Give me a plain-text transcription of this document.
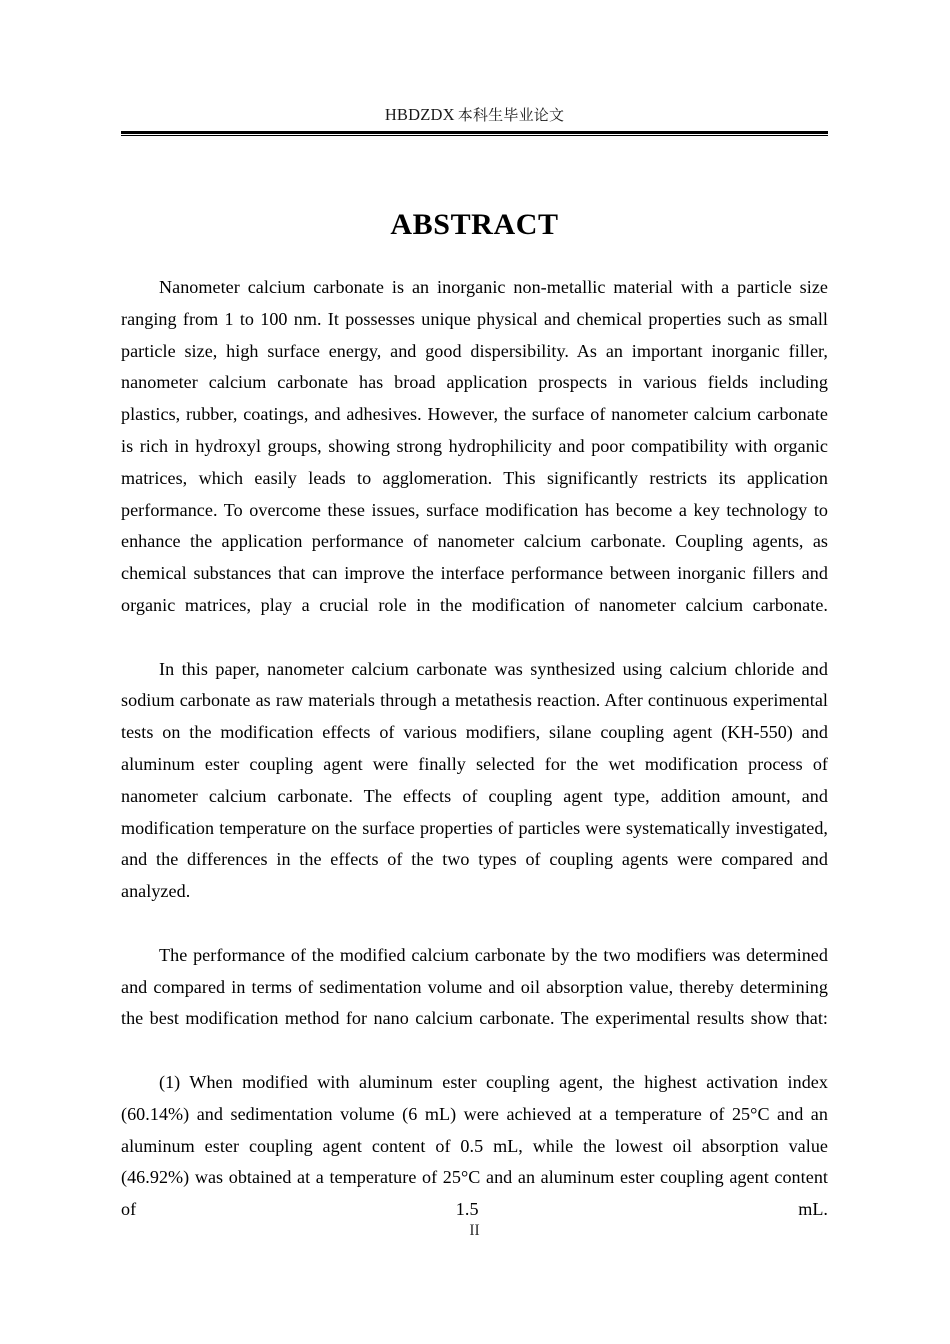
HBDZDX 本科生毕业论文
ABSTRACT

Nanometer calcium carbonate is an inorganic non-metallic material with a particle size ranging from 1 to 100 nm. It possesses unique physical and chemical properties such as small particle size, high surface energy, and good dispersibility. As an important inorganic filler, nanometer calcium carbonate has broad application prospects in various fields including plastics, rubber, coatings, and adhesives. However, the surface of nanometer calcium carbonate is rich in hydroxyl groups, showing strong hydrophilicity and poor compatibility with organic matrices, which easily leads to agglomeration. This significantly restricts its application performance. To overcome these issues, surface modification has become a key technology to enhance the application performance of nanometer calcium carbonate. Coupling agents, as chemical substances that can improve the interface performance between inorganic fillers and organic matrices, play a crucial role in the modification of nanometer calcium carbonate.

In this paper, nanometer calcium carbonate was synthesized using calcium chloride and sodium carbonate as raw materials through a metathesis reaction. After continuous experimental tests on the modification effects of various modifiers, silane coupling agent (KH-550) and aluminum ester coupling agent were finally selected for the wet modification process of nanometer calcium carbonate. The effects of coupling agent type, addition amount, and modification temperature on the surface properties of particles were systematically investigated, and the differences in the effects of the two types of coupling agents were compared and analyzed.

The performance of the modified calcium carbonate by the two modifiers was determined and compared in terms of sedimentation volume and oil absorption value, thereby determining the best modification method for nano calcium carbonate. The experimental results show that:

(1) When modified with aluminum ester coupling agent, the highest activation index (60.14%) and sedimentation volume (6 mL) were achieved at a temperature of 25°C and an aluminum ester coupling agent content of 0.5 mL, while the lowest oil absorption value (46.92%) was obtained at a temperature of 25°C and an aluminum ester coupling agent content of 1.5 mL.

II
